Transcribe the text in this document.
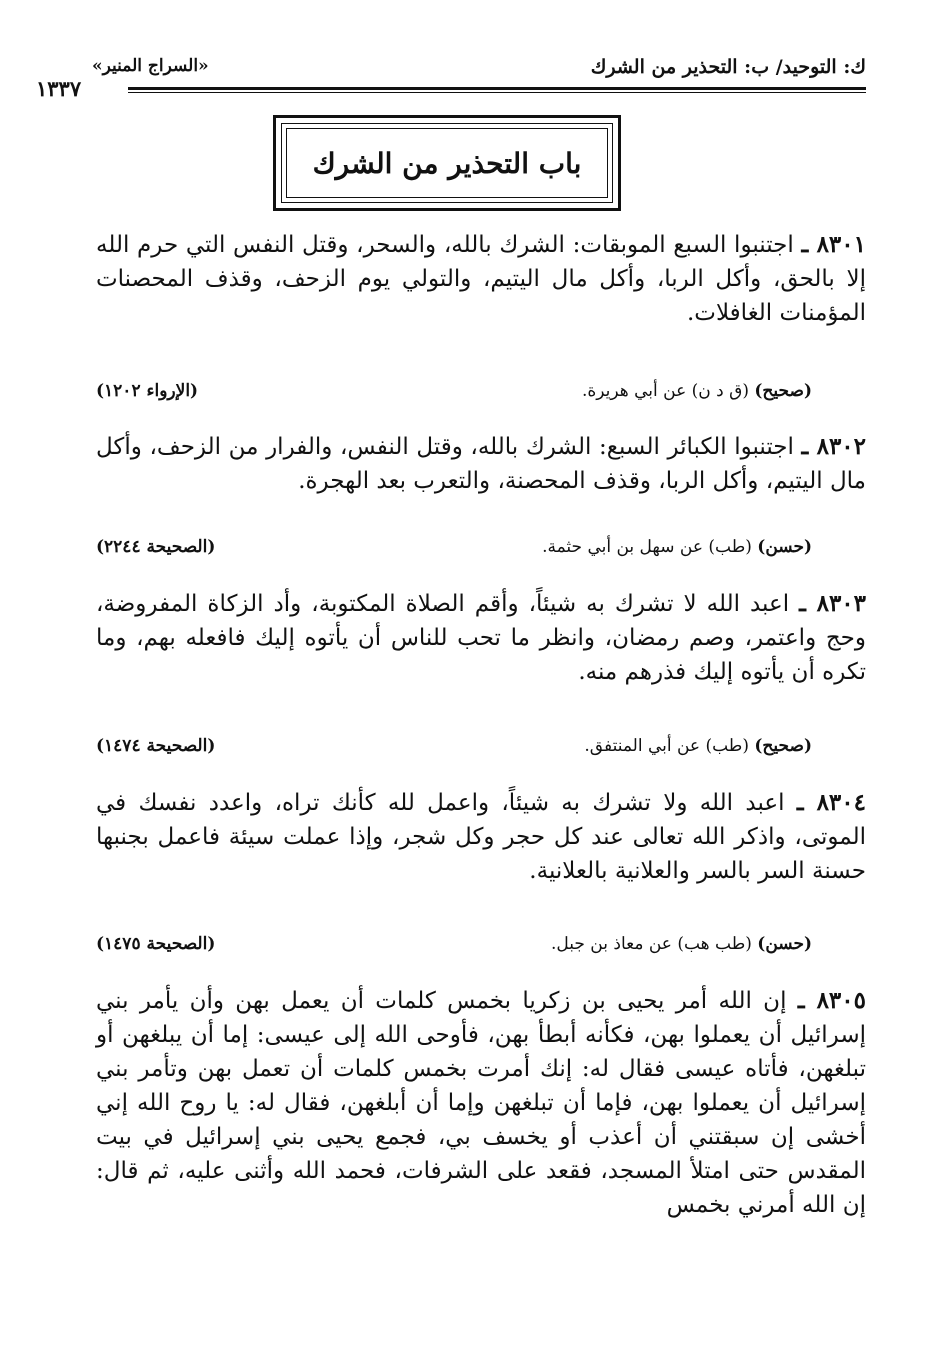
ك: التوحيد/ ب: التحذير من الشرك
«السراج المنير»
١٣٣٧
باب التحذير من الشرك
٨٣٠١ ـ اجتنبوا السبع الموبقات: الشرك بالله، والسحر، وقتل النفس التي حرم الله إلا بالحق، وأكل الربا، وأكل مال اليتيم، والتولي يوم الزحف، وقذف المحصنات المؤمنات الغافلات.
(صحيح) (ق د ن) عن أبي هريرة.
(الإرواء ١٢٠٢)
٨٣٠٢ ـ اجتنبوا الكبائر السبع: الشرك بالله، وقتل النفس، والفرار من الزحف، وأكل مال اليتيم، وأكل الربا، وقذف المحصنة، والتعرب بعد الهجرة.
(حسن) (طب) عن سهل بن أبي حثمة.
(الصحيحة ٢٢٤٤)
٨٣٠٣ ـ اعبد الله لا تشرك به شيئاً، وأقم الصلاة المكتوبة، وأد الزكاة المفروضة، وحج واعتمر، وصم رمضان، وانظر ما تحب للناس أن يأتوه إليك فافعله بهم، وما تكره أن يأتوه إليك فذرهم منه.
(صحيح) (طب) عن أبي المنتفق.
(الصحيحة ١٤٧٤)
٨٣٠٤ ـ اعبد الله ولا تشرك به شيئاً، واعمل لله كأنك تراه، واعدد نفسك في الموتى، واذكر الله تعالى عند كل حجر وكل شجر، وإذا عملت سيئة فاعمل بجنبها حسنة السر بالسر والعلانية بالعلانية.
(حسن) (طب هب) عن معاذ بن جبل.
(الصحيحة ١٤٧٥)
٨٣٠٥ ـ إن الله أمر يحيى بن زكريا بخمس كلمات أن يعمل بهن وأن يأمر بني إسرائيل أن يعملوا بهن، فكأنه أبطأ بهن، فأوحى الله إلى عيسى: إما أن يبلغهن أو تبلغهن، فأتاه عيسى فقال له: إنك أمرت بخمس كلمات أن تعمل بهن وتأمر بني إسرائيل أن يعملوا بهن، فإما أن تبلغهن وإما أن أبلغهن، فقال له: يا روح الله إني أخشى إن سبقتني أن أعذب أو يخسف بي، فجمع يحيى بني إسرائيل في بيت المقدس حتى امتلأ المسجد، فقعد على الشرفات، فحمد الله وأثنى عليه، ثم قال: إن الله أمرني بخمس
